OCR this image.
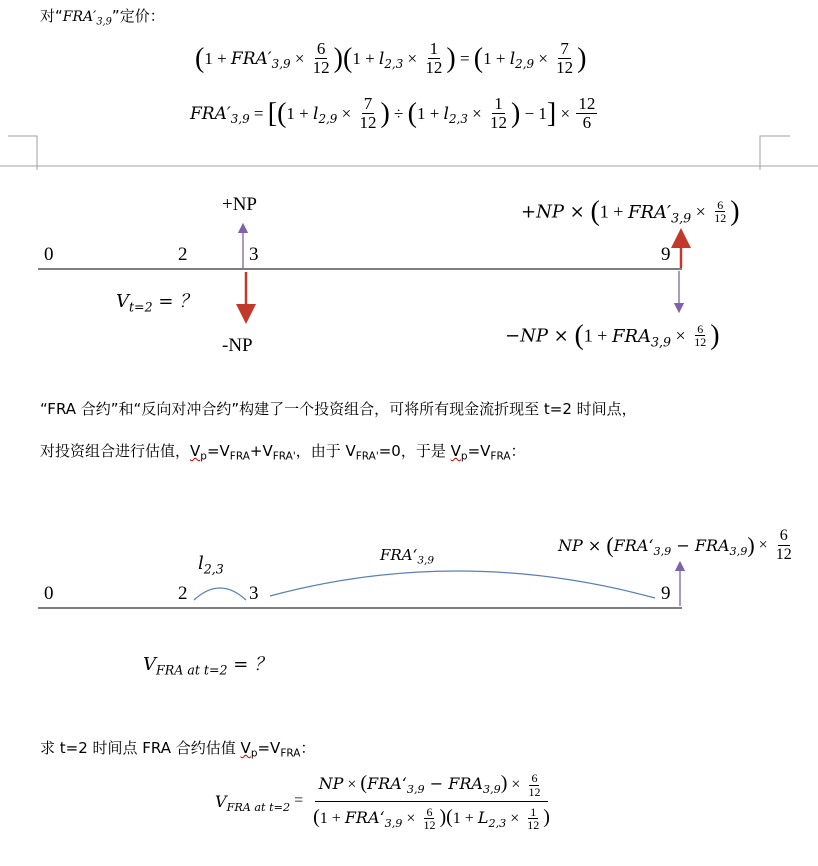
对“$FRA'_{3,9}$”定价：
$(1 + FRA'_{3,9} \times \frac{6}{12} )(1 + l_{2,3} \times \frac{1}{12}$ ) = ($1 + l_{2,9} \times \frac{7}{12}$ )
$FRA'_{3,9} = [(1 + l_{2,9} \times \frac{7}{12}$ ) ÷ ($1 + l_{2,3} \times \frac{1}{12}$ ) − $1] \times \frac{12}{6}$
+NP
0	2	3	9
$V_{t=2}$ = ？
-NP
$+NP \times (1 + FRA'_{3,9} \times \frac{6}{12}$ )
$-NP \times (1 + FRA_{3,9} \times \frac{6}{12}$ )
“FRA 合约”和“反向对冲合约”构建了一个投资组合，可将所有现金流折现至 t=2 时间点，
对投资组合进行估值，$V_p=V_{FRA}+V_{FRA'}$，由于 $V_{FRA'}=0$，于是 $V_p=V_{FRA}$：
NP × $(FRA‘_{3,9} - FRA_{3,9}) \times \frac{6}{12}$
$FRA‘_{3,9}$
$l_{2,3}$
0	2	3	9
$V_{FRA at t=2}$ = ？
求 t=2 时间点 FRA 合约估值 $V_p=V_{FRA}$：
$V_{FRA at t=2}$ =
NP × $(FRA‘_{3,9} - FRA_{3,9}) \times \frac{6}{12}$
$(1 + FRA‘_{3,9} \times \frac{6}{12} )(1 + L_{2,3} \times \frac{1}{12}$ )
